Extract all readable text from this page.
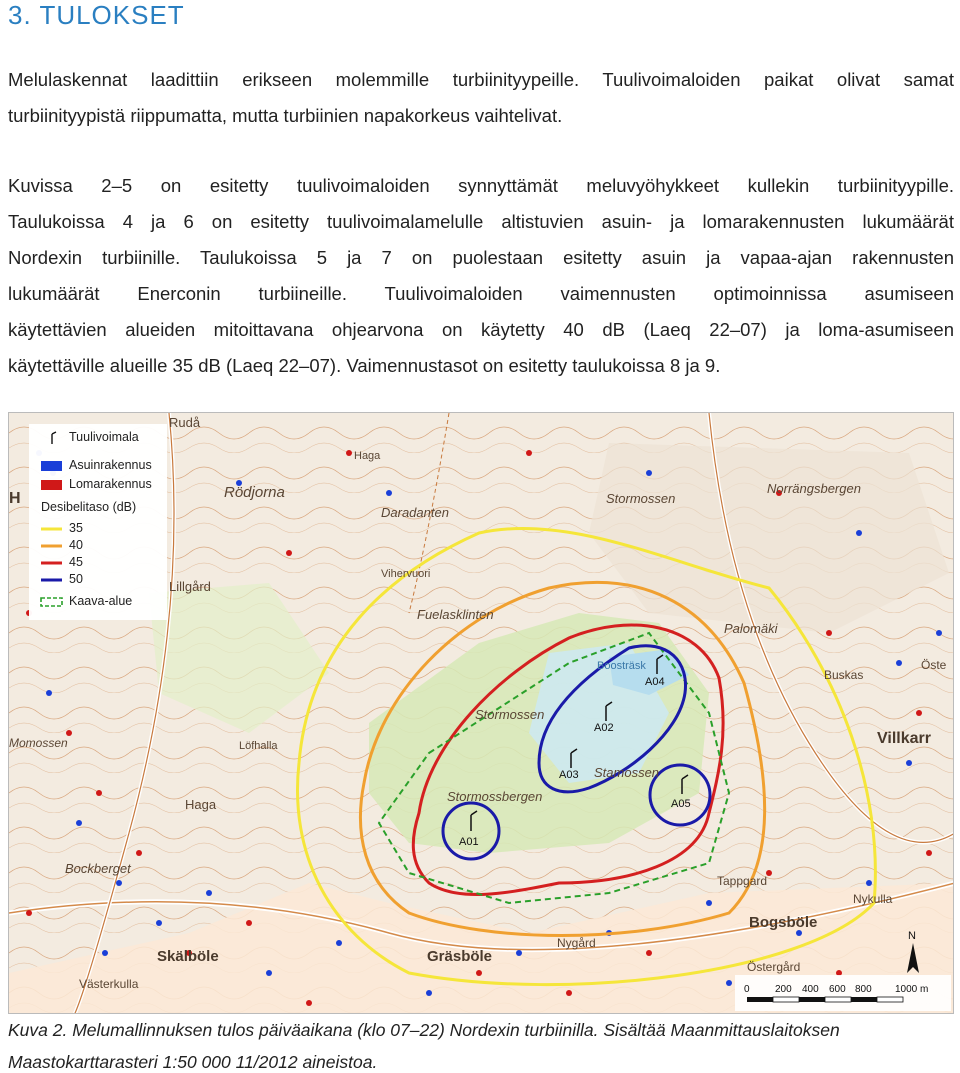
3. TULOKSET
Melulaskennat laadittiin erikseen molemmille turbiinityypeille. Tuulivoimaloiden paikat olivat samat
turbiinityypistä riippumatta, mutta turbiinien napakorkeus vaihtelivat.
Kuvissa 2–5 on esitetty tuulivoimaloiden synnyttämät meluvyöhykkeet kullekin turbiinityypille.
Taulukoissa 4 ja 6 on esitetty tuulivoimalamelulle altistuvien asuin- ja lomarakennusten lukumäärät
Nordexin turbiinille. Taulukoissa 5 ja 7 on puolestaan esitetty asuin ja vapaa-ajan rakennusten
lukumäärät Enerconin turbiineille. Tuulivoimaloiden vaimennusten optimoinnissa asumiseen
käytettävien alueiden mitoittavana ohjearvona on käytetty 40 dB (Laeq 22–07) ja loma-asumiseen
käytettäville alueille 35 dB (Laeq 22–07). Vaimennustasot on esitetty taulukoissa 8 ja 9.
A01
A02
A03
A04
A05
Rudå
Haga
Rödjorna
Daradanten
Stormossen
Norrängsbergen
Lillgård
Vihervuori
Fuelasklinten
Palomäki
Boosträsk
Buskas
Öste
Stormossen
Momossen	Löfhalla	Villkarr
Stamossen
Stormossbergen
Haga
Bockberget
Tappgard
Nykulla
Bogsböle
Skälböle	Gräsböle
Nygård
Östergård
Västerkulla
H
N
0	200 400 600 800 1000 m
Tuulivoimala
Asuinrakennus
Lomarakennus
Desibelitaso (dB)
35
40
45
50
Kaava-alue
Kuva 2. Melumallinnuksen tulos päiväaikana (klo 07–22) Nordexin turbiinilla. Sisältää Maanmittauslaitoksen
Maastokarttarasteri 1:50 000 11/2012 aineistoa.
